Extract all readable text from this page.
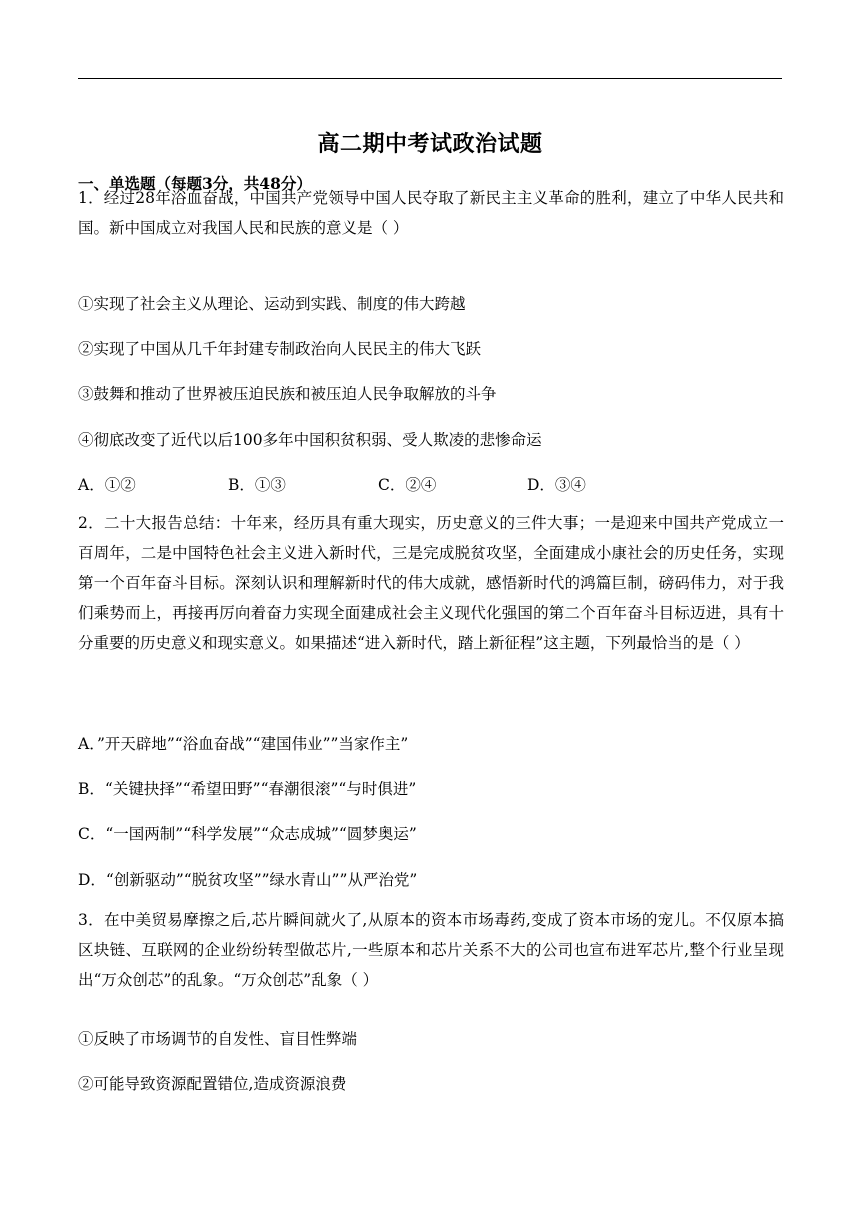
高二期中考试政治试题
一、单选题（每题3分，共48分）
1．经过28年浴血奋战，中国共产党领导中国人民夺取了新民主主义革命的胜利，建立了中华人民共和国。新中国成立对我国人民和民族的意义是（ ）
①实现了社会主义从理论、运动到实践、制度的伟大跨越
②实现了中国从几千年封建专制政治向人民民主的伟大飞跃
③鼓舞和推动了世界被压迫民族和被压迫人民争取解放的斗争
④彻底改变了近代以后100多年中国积贫积弱、受人欺凌的悲惨命运
A．①②	B．①③	C．②④	D．③④
2．二十大报告总结：十年来，经历具有重大现实，历史意义的三件大事；一是迎来中国共产党成立一百周年，二是中国特色社会主义进入新时代，三是完成脱贫攻坚，全面建成小康社会的历史任务，实现第一个百年奋斗目标。深刻认识和理解新时代的伟大成就，感悟新时代的鸿篇巨制，磅码伟力，对于我们乘势而上，再接再厉向着奋力实现全面建成社会主义现代化强国的第二个百年奋斗目标迈进，具有十分重要的历史意义和现实意义。如果描述“进入新时代，踏上新征程”这主题，下列最恰当的是（ ）
A．”开天辟地”“浴血奋战”“建国伟业””当家作主”
B．“关键抉择”“希望田野”“春潮很滚”“与时俱进”
C．“一国两制”“科学发展”“众志成城”“圆梦奥运”
D．“创新驱动”“脱贫攻坚””绿水青山””从严治党”
3．在中美贸易摩擦之后,芯片瞬间就火了,从原本的资本市场毒药,变成了资本市场的宠儿。不仅原本搞区块链、互联网的企业纷纷转型做芯片,一些原本和芯片关系不大的公司也宣布进军芯片,整个行业呈现出“万众创芯”的乱象。“万众创芯”乱象（ ）
①反映了市场调节的自发性、盲目性弊端
②可能导致资源配置错位,造成资源浪费
